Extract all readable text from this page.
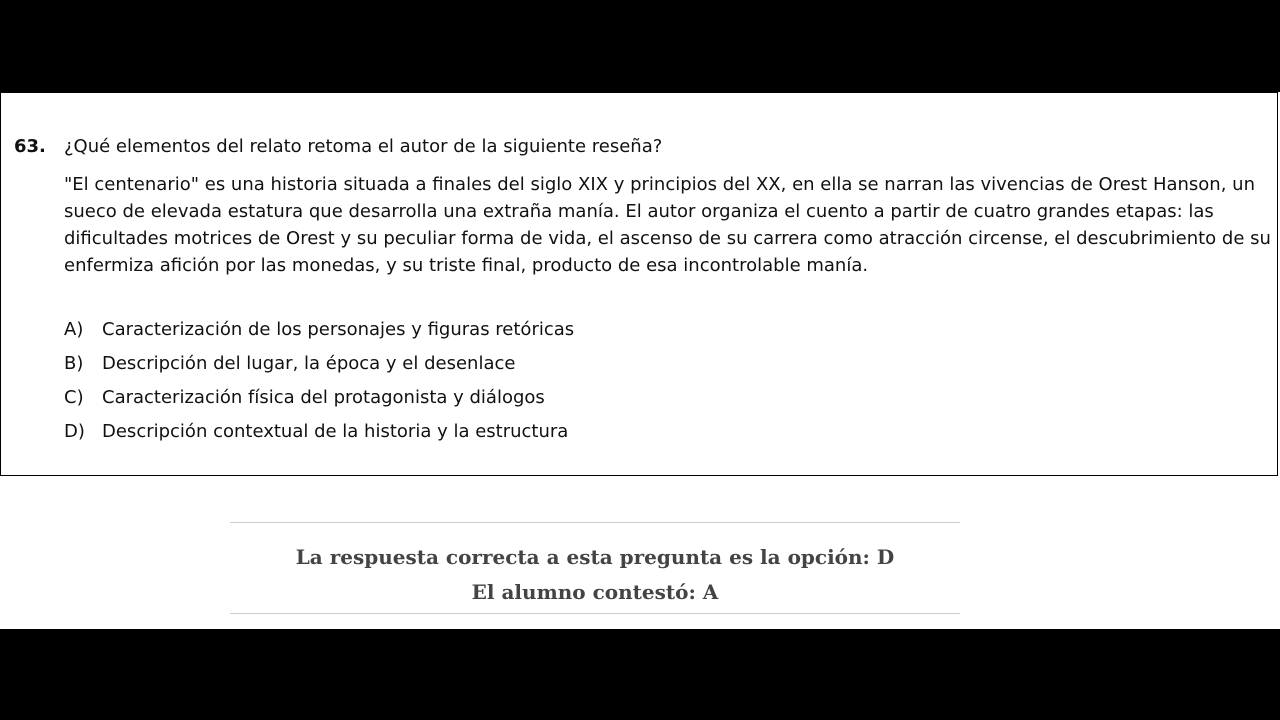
63. ¿Qué elementos del relato retoma el autor de la siguiente reseña?
"El centenario" es una historia situada a finales del siglo XIX y principios del XX, en ella se narran las vivencias de Orest Hanson, un sueco de elevada estatura que desarrolla una extraña manía. El autor organiza el cuento a partir de cuatro grandes etapas: las dificultades motrices de Orest y su peculiar forma de vida, el ascenso de su carrera como atracción circense, el descubrimiento de su enfermiza afición por las monedas, y su triste final, producto de esa incontrolable manía.
A)	Caracterización de los personajes y figuras retóricas
B)	Descripción del lugar, la época y el desenlace
C)	Caracterización física del protagonista y diálogos
D) Descripción contextual de la historia y la estructura
La respuesta correcta a esta pregunta es la opción: D
El alumno contestó: A
